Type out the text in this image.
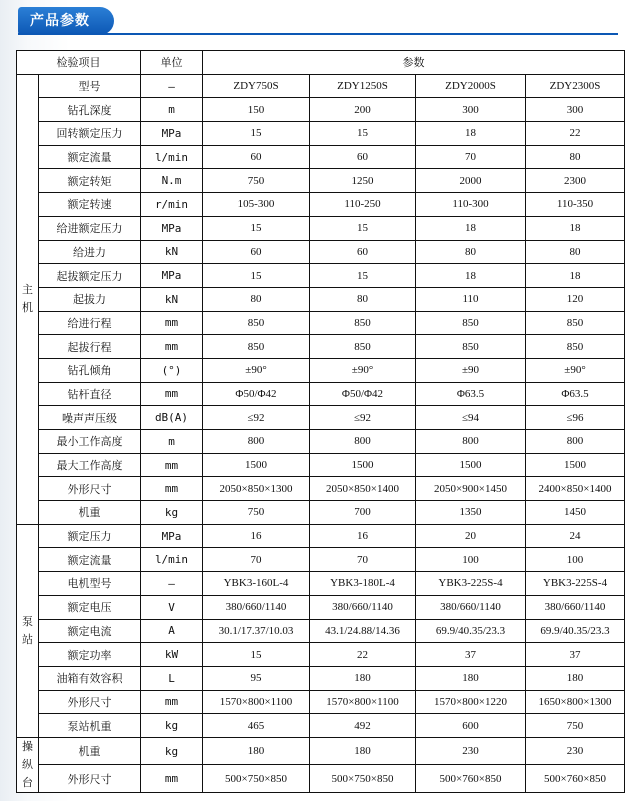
产品参数
检验项目		单位	参数			
主机	型号	–	ZDY750S	ZDY1250S	ZDY2000S	ZDY2300S
	钻孔深度	m	150	200	300	300
	回转额定压力	MPa	15	15	18	22
	额定流量	l/min	60	60	70	80
	额定转矩	N.m	750	1250	2000	2300
	额定转速	r/min	105-300	110-250	110-300	110-350
	给进额定压力	MPa	15	15	18	18
	给进力	kN	60	60	80	80
	起拔额定压力	MPa	15	15	18	18
	起拔力	kN	80	80	110	120
	给进行程	mm	850	850	850	850
	起拔行程	mm	850	850	850	850
	钻孔倾角	(°)	±90°	±90°	±90	±90°
	钻杆直径	mm	Φ50/Φ42	Φ50/Φ42	Φ63.5	Φ63.5
	噪声声压级	dB(A)	≤92	≤92	≤94	≤96
	最小工作高度	m	800	800	800	800
	最大工作高度	mm	1500	1500	1500	1500
	外形尺寸	mm	2050×850×1300	2050×850×1400	2050×900×1450	2400×850×1400
	机重	kg	750	700	1350	1450
泵站	额定压力	MPa	16	16	20	24
	额定流量	l/min	70	70	100	100
	电机型号	–	YBK3-160L-4	YBK3-180L-4	YBK3-225S-4	YBK3-225S-4
	额定电压	V	380/660/1140	380/660/1140	380/660/1140	380/660/1140
	额定电流	A	30.1/17.37/10.03	43.1/24.88/14.36	69.9/40.35/23.3	69.9/40.35/23.3
	额定功率	kW	15	22	37	37
	油箱有效容积	L	95	180	180	180
	外形尺寸	mm	1570×800×1100	1570×800×1100	1570×800×1220	1650×800×1300
	泵站机重	kg	465	492	600	750
操纵台	机重	kg	180	180	230	230
	外形尺寸	mm	500×750×850	500×750×850	500×760×850	500×760×850
